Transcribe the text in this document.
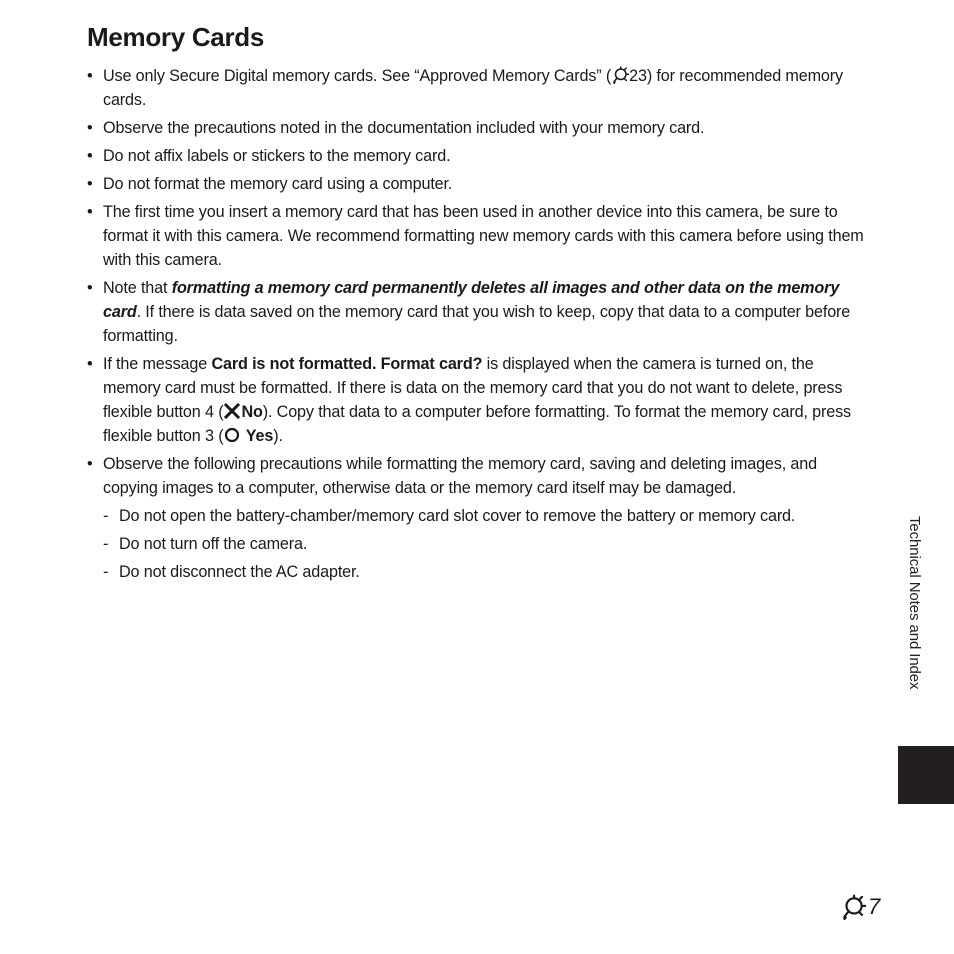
Memory Cards
• Use only Secure Digital memory cards. See “Approved Memory Cards” ( 23) for recommended memory cards.
• Observe the precautions noted in the documentation included with your memory card.
• Do not affix labels or stickers to the memory card.
• Do not format the memory card using a computer.
• The first time you insert a memory card that has been used in another device into this camera, be sure to format it with this camera. We recommend formatting new memory cards with this camera before using them with this camera.
• Note that formatting a memory card permanently deletes all images and other data on the memory card. If there is data saved on the memory card that you wish to keep, copy that data to a computer before formatting.
• If the message Card is not formatted. Format card? is displayed when the camera is turned on, the memory card must be formatted. If there is data on the memory card that you do not want to delete, press flexible button 4 ( No). Copy that data to a computer before formatting. To format the memory card, press flexible button 3 ( Yes).
• Observe the following precautions while formatting the memory card, saving and deleting images, and copying images to a computer, otherwise data or the memory card itself may be damaged.
- Do not open the battery-chamber/memory card slot cover to remove the battery or memory card.
- Do not turn off the camera.
- Do not disconnect the AC adapter.	Technical Notes and Index
7
